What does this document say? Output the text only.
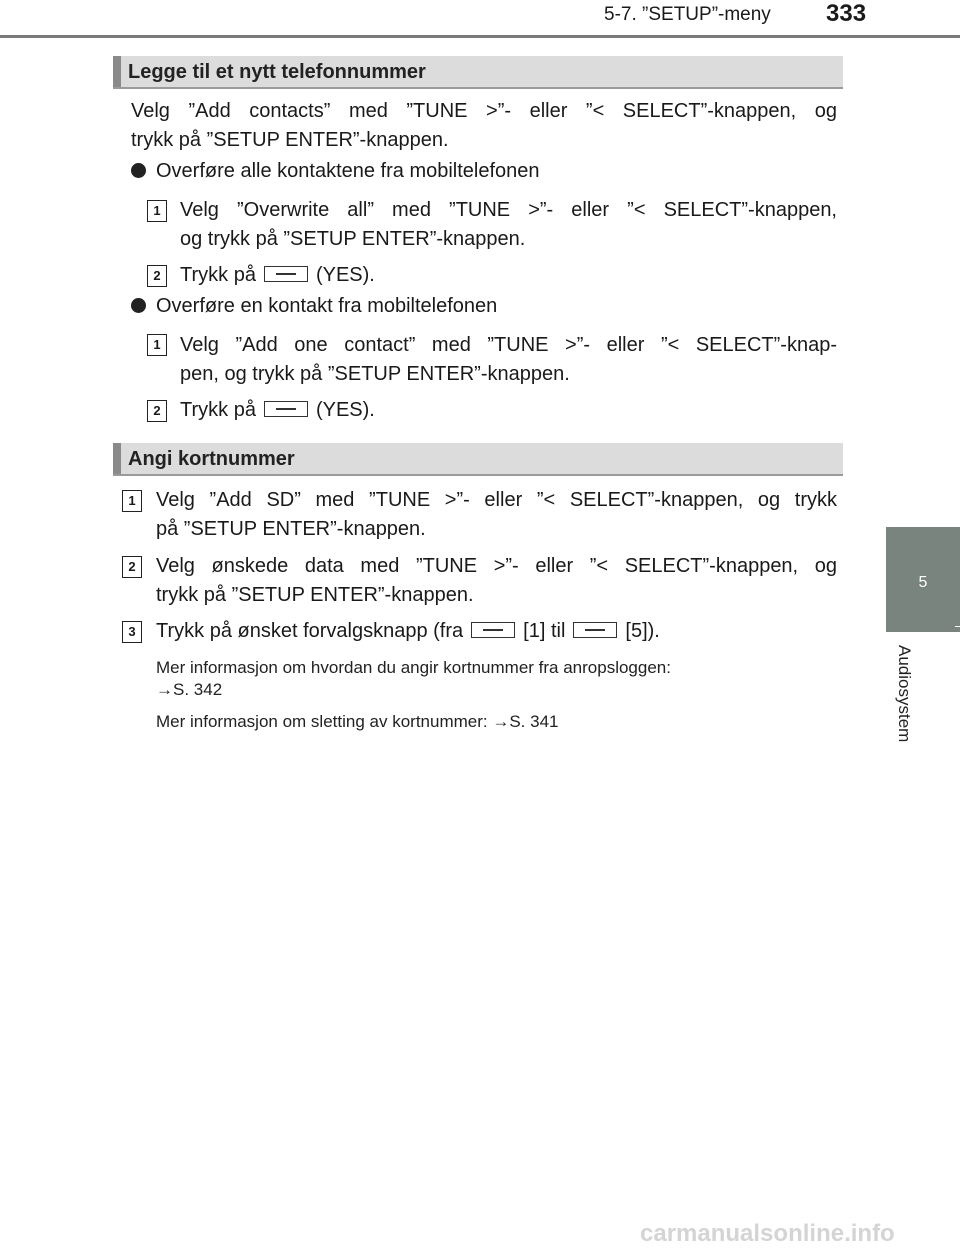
5-7. ”SETUP”-meny 333
5
Audiosystem
Legge til et nytt telefonnummer
Velg ”Add contacts” med ”TUNE >”- eller ”< SELECT”-knappen, og
trykk på ”SETUP ENTER”-knappen.
Overføre alle kontaktene fra mobiltelefonen
1 Velg ”Overwrite all” med ”TUNE >”- eller ”< SELECT”-knappen,
og trykk på ”SETUP ENTER”-knappen.
2 Trykk på	(YES).
Overføre en kontakt fra mobiltelefonen
1 Velg ”Add one contact” med ”TUNE >”- eller ”< SELECT”-knap-
pen, og trykk på ”SETUP ENTER”-knappen.
2 Trykk på	(YES).
Angi kortnummer
1	Velg ”Add SD” med ”TUNE >”- eller ”< SELECT”-knappen, og trykk
på ”SETUP ENTER”-knappen.
2	Velg ønskede data med ”TUNE >”- eller ”< SELECT”-knappen, og
trykk på ”SETUP ENTER”-knappen.
3	Trykk på ønsket forvalgsknapp (fra	[1] til	[5]).
Mer informasjon om hvordan du angir kortnummer fra anropsloggen:
→S. 342
Mer informasjon om sletting av kortnummer: →S. 341
carmanualsonline.info
